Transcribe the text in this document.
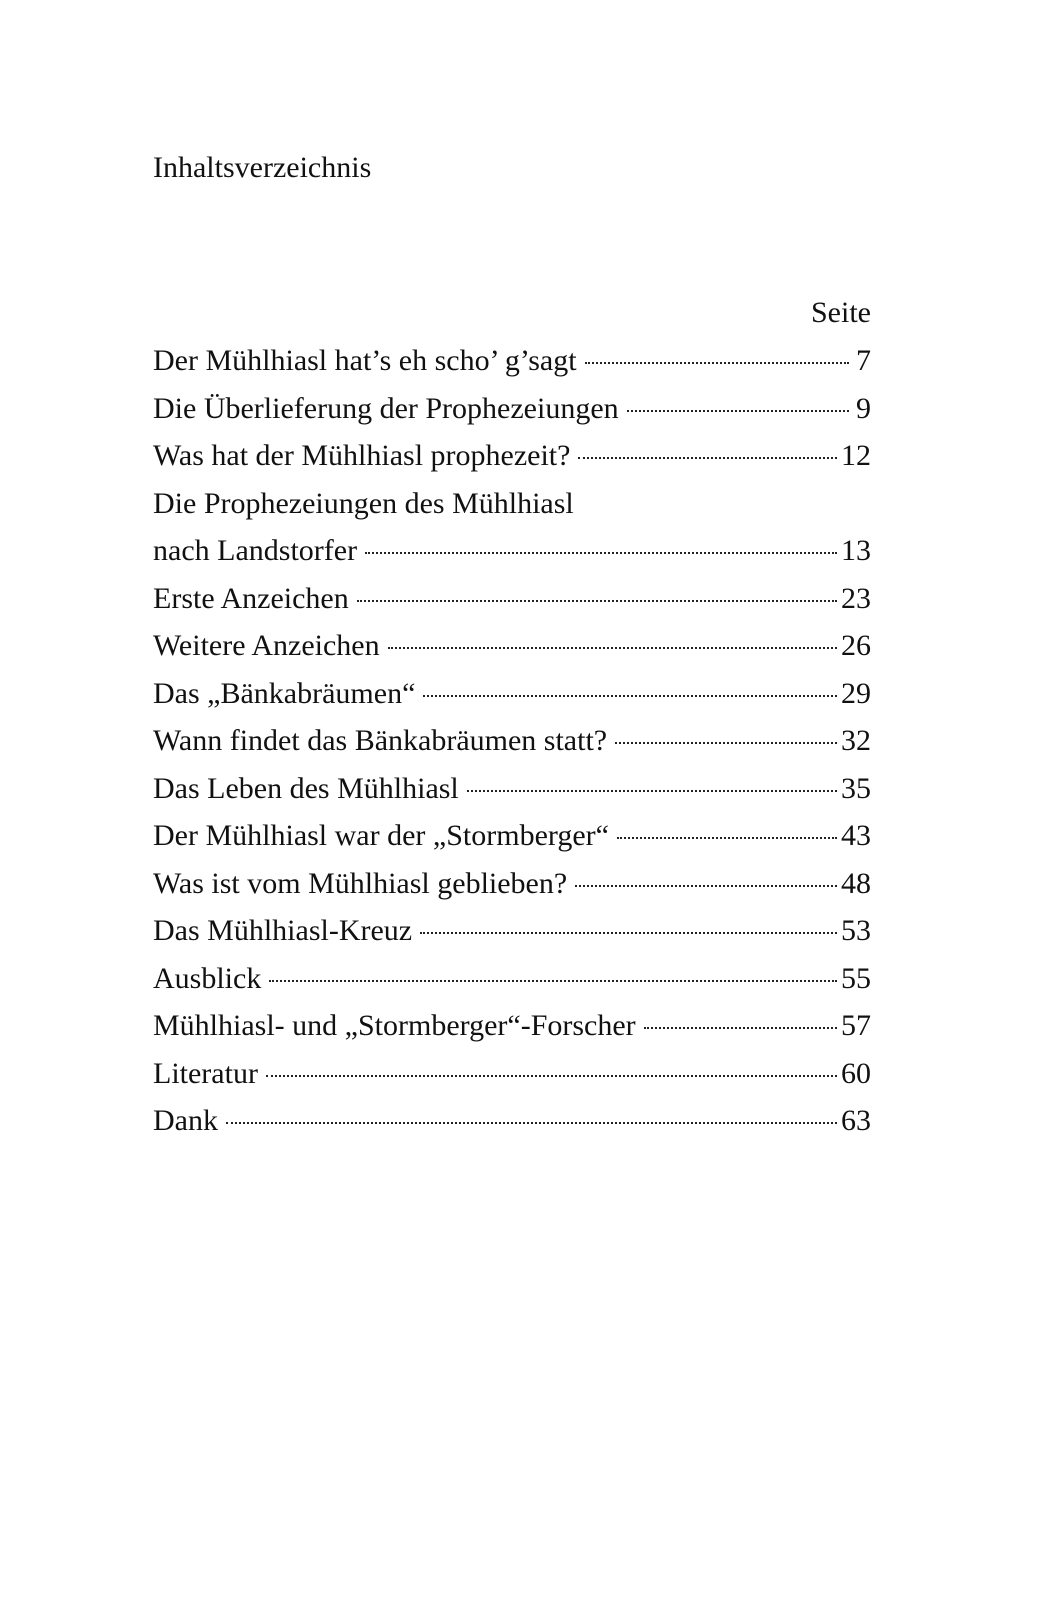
Inhaltsverzeichnis
Seite
Der Mühlhiasl hat’s eh scho’ g’sagt	7
Die Überlieferung der Prophezeiungen	9
Was hat der Mühlhiasl prophezeit?	12
Die Prophezeiungen des Mühlhiasl
nach Landstorfer	13
Erste Anzeichen	23
Weitere Anzeichen	26
Das „Bänkabräumen“	29
Wann findet das Bänkabräumen statt?	32
Das Leben des Mühlhiasl	35
Der Mühlhiasl war der „Stormberger“	43
Was ist vom Mühlhiasl geblieben?	48
Das Mühlhiasl-Kreuz	53
Ausblick	55
Mühlhiasl- und „Stormberger“-Forscher	57
Literatur	60
Dank	63
